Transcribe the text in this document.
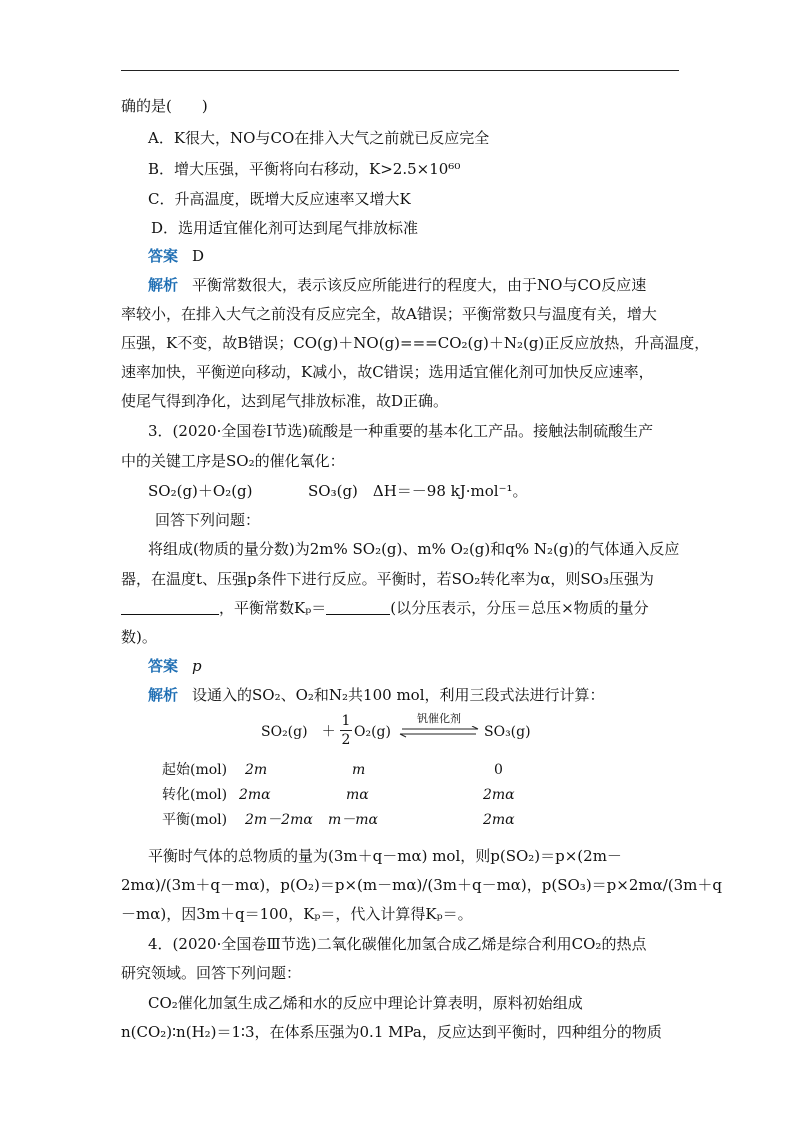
确的是(　　)
A．K很大，NO与CO在排入大气之前就已反应完全
B．增大压强，平衡将向右移动，K>2.5×10⁶⁰
C．升高温度，既增大反应速率又增大K
D．选用适宜催化剂可达到尾气排放标准
答案 D
解析 平衡常数很大，表示该反应所能进行的程度大，由于NO与CO反应速
率较小，在排入大气之前没有反应完全，故A错误；平衡常数只与温度有关，增大
压强，K不变，故B错误；CO(g)＋NO(g)===CO₂(g)＋N₂(g)正反应放热，升高温度，
速率加快，平衡逆向移动，K减小，故C错误；选用适宜催化剂可加快反应速率，
使尾气得到净化，达到尾气排放标准，故D正确。
3．(2020·全国卷Ⅰ节选)硫酸是一种重要的基本化工产品。接触法制硫酸生产
中的关键工序是SO₂的催化氧化：
SO₂(g)＋O₂(g)	SO₃(g)　ΔH＝－98 kJ·mol⁻¹。
回答下列问题：
将组成(物质的量分数)为2m% SO₂(g)、m% O₂(g)和q% N₂(g)的气体通入反应
器，在温度t、压强p条件下进行反应。平衡时，若SO₂转化率为α，则SO₃压强为
，平衡常数Kₚ＝	(以分压表示，分压＝总压×物质的量分
数)。
答案 p
解析 设通入的SO₂、O₂和N₂共100 mol，利用三段式法进行计算：
SO₂(g)　＋
1
2 O₂(g)
钒催化剂
SO₃(g)
起始(mol) 2m	m	0
转化(mol) 2mα	mα	2mα
平衡(mol) 2m－2mα m－mα	2mα
平衡时气体的总物质的量为(3m＋q－mα) mol，则p(SO₂)＝p×(2m－
2mα)/(3m＋q－mα)，p(O₂)＝p×(m－mα)/(3m＋q－mα)，p(SO₃)＝p×2mα/(3m＋q
－mα)，因3m＋q＝100，Kₚ＝，代入计算得Kₚ＝。
4．(2020·全国卷Ⅲ节选)二氧化碳催化加氢合成乙烯是综合利用CO₂的热点
研究领域。回答下列问题：
CO₂催化加氢生成乙烯和水的反应中理论计算表明，原料初始组成
n(CO₂)∶n(H₂)＝1∶3，在体系压强为0.1 MPa，反应达到平衡时，四种组分的物质
